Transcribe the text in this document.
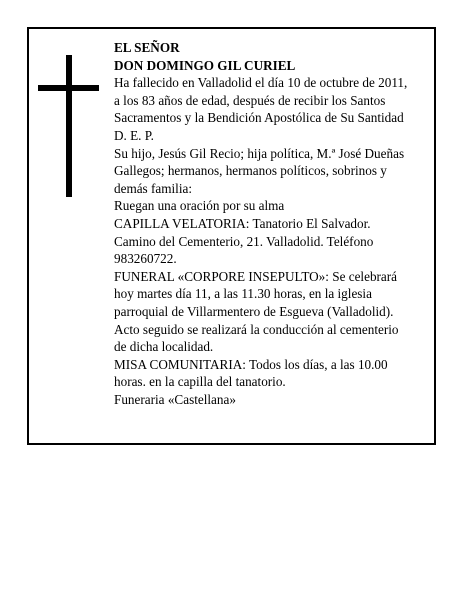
EL SEÑOR
DON DOMINGO GIL CURIEL
Ha fallecido en Valladolid el día 10 de octubre de 2011,
a los 83 años de edad, después de recibir los Santos
Sacramentos y la Bendición Apostólica de Su Santidad
D. E. P.
Su hijo, Jesús Gil Recio; hija política, M.ª José Dueñas
Gallegos; hermanos, hermanos políticos, sobrinos y
demás familia:
Ruegan una oración por su alma
CAPILLA VELATORIA: Tanatorio El Salvador.
Camino del Cementerio, 21. Valladolid. Teléfono
983260722.
FUNERAL «CORPORE INSEPULTO»: Se celebrará
hoy martes día 11, a las 11.30 horas, en la iglesia
parroquial de Villarmentero de Esgueva (Valladolid).
Acto seguido se realizará la conducción al cementerio
de dicha localidad.
MISA COMUNITARIA: Todos los días, a las 10.00
horas. en la capilla del tanatorio.
Funeraria «Castellana»
